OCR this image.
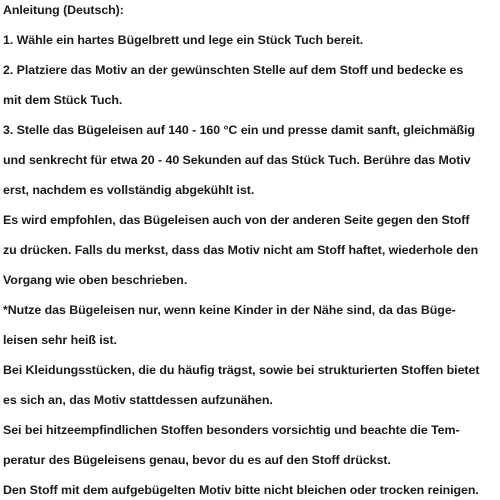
Anleitung (Deutsch):
1. Wähle ein hartes Bügelbrett und lege ein Stück Tuch bereit.
2. Platziere das Motiv an der gewünschten Stelle auf dem Stoff und bedecke es
mit dem Stück Tuch.
3. Stelle das Bügeleisen auf 140 - 160 °C ein und presse damit sanft, gleichmäßig
und senkrecht für etwa 20 - 40 Sekunden auf das Stück Tuch. Berühre das Motiv
erst, nachdem es vollständig abgekühlt ist.
Es wird empfohlen, das Bügeleisen auch von der anderen Seite gegen den Stoff
zu drücken. Falls du merkst, dass das Motiv nicht am Stoff haftet, wiederhole den
Vorgang wie oben beschrieben.
*Nutze das Bügeleisen nur, wenn keine Kinder in der Nähe sind, da das Büge-
leisen sehr heiß ist.
Bei Kleidungsstücken, die du häufig trägst, sowie bei strukturierten Stoffen bietet
es sich an, das Motiv stattdessen aufzunähen.
Sei bei hitzeempfindlichen Stoffen besonders vorsichtig und beachte die Tem-
peratur des Bügeleisens genau, bevor du es auf den Stoff drückst.
Den Stoff mit dem aufgebügelten Motiv bitte nicht bleichen oder trocken reinigen.
